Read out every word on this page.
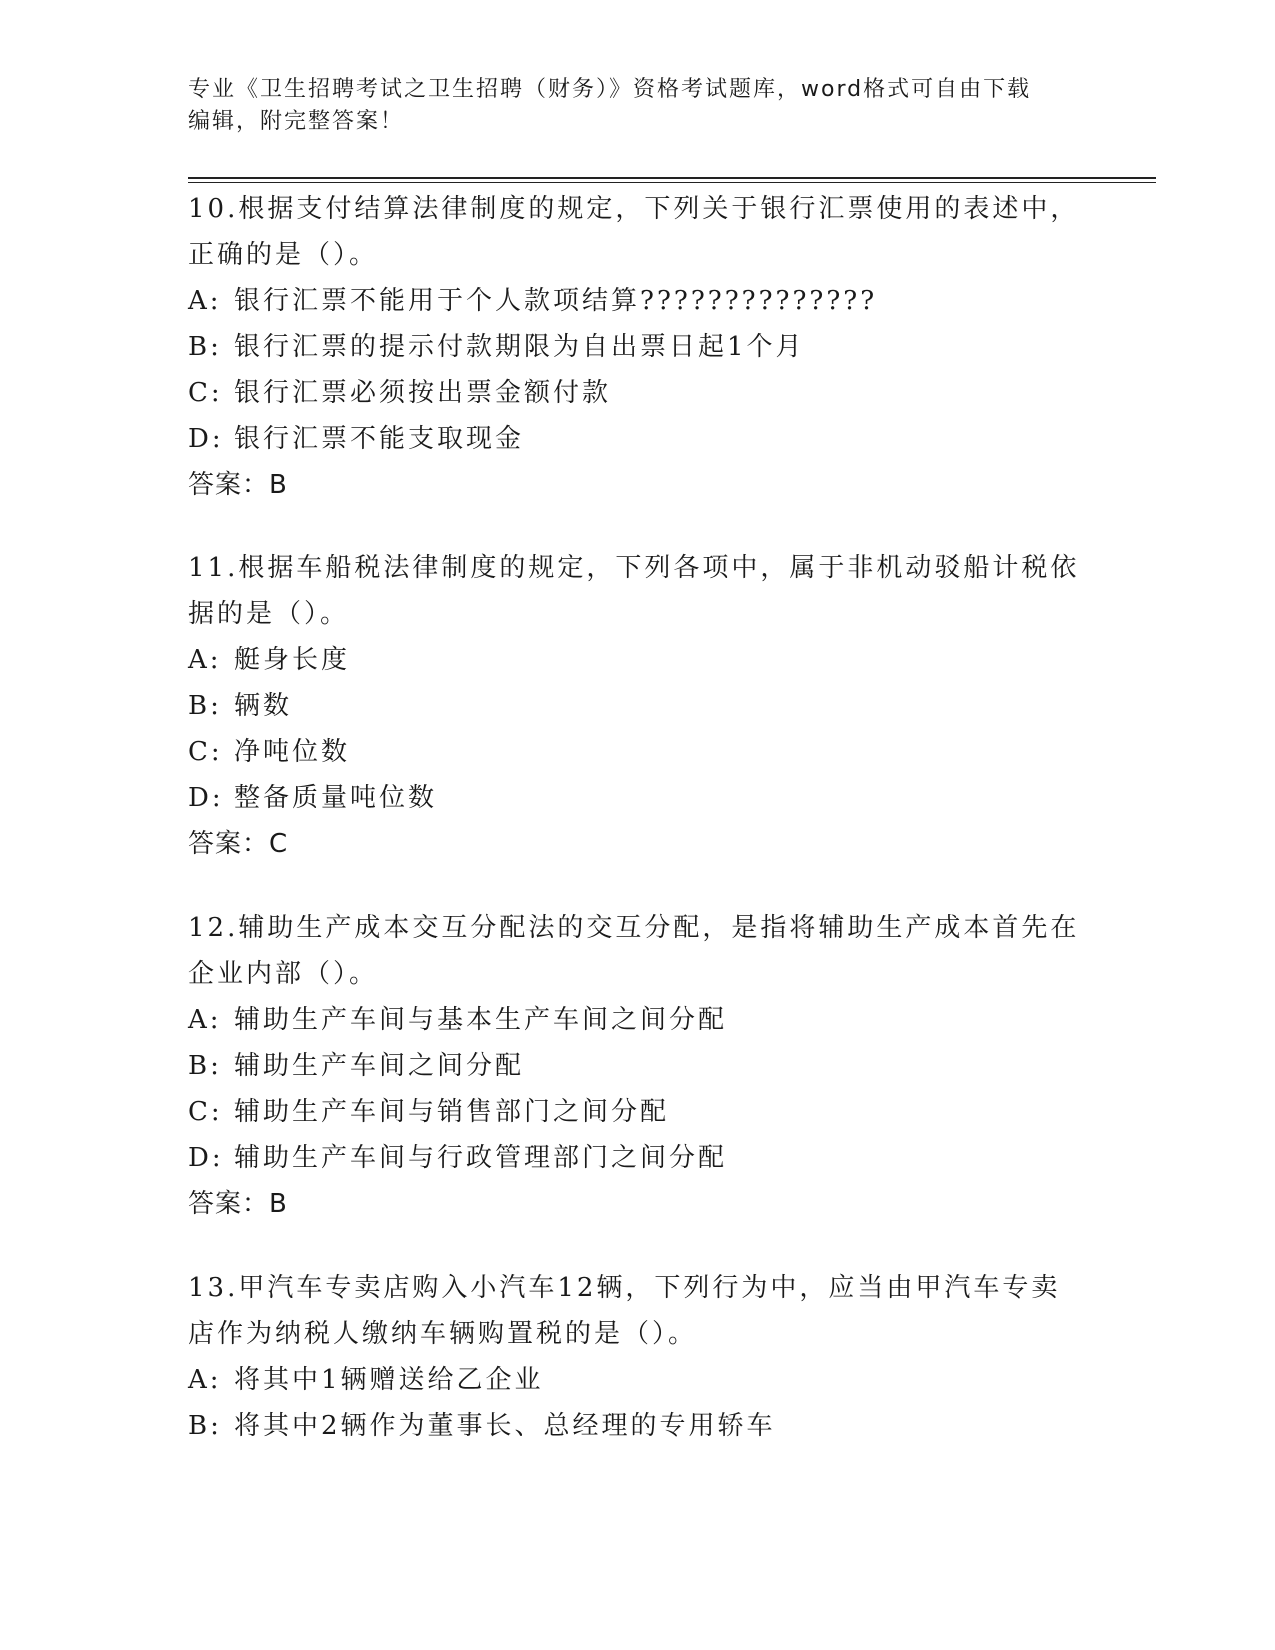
专业《卫生招聘考试之卫生招聘（财务）》资格考试题库，word格式可自由下载
编辑，附完整答案！

10.根据支付结算法律制度的规定，下列关于银行汇票使用的表述中，正确的是（）。

A: 银行汇票不能用于个人款项结算??????????????

B: 银行汇票的提示付款期限为自出票日起1个月

C: 银行汇票必须按出票金额付款

D: 银行汇票不能支取现金

答案：B

11.根据车船税法律制度的规定，下列各项中，属于非机动驳船计税依据的是（）。

A: 艇身长度

B: 辆数

C: 净吨位数

D: 整备质量吨位数

答案：C

12.辅助生产成本交互分配法的交互分配，是指将辅助生产成本首先在企业内部（）。

A: 辅助生产车间与基本生产车间之间分配

B: 辅助生产车间之间分配

C: 辅助生产车间与销售部门之间分配

D: 辅助生产车间与行政管理部门之间分配

答案：B

13.甲汽车专卖店购入小汽车12辆，下列行为中，应当由甲汽车专卖店作为纳税人缴纳车辆购置税的是（）。

A: 将其中1辆赠送给乙企业

B: 将其中2辆作为董事长、总经理的专用轿车
